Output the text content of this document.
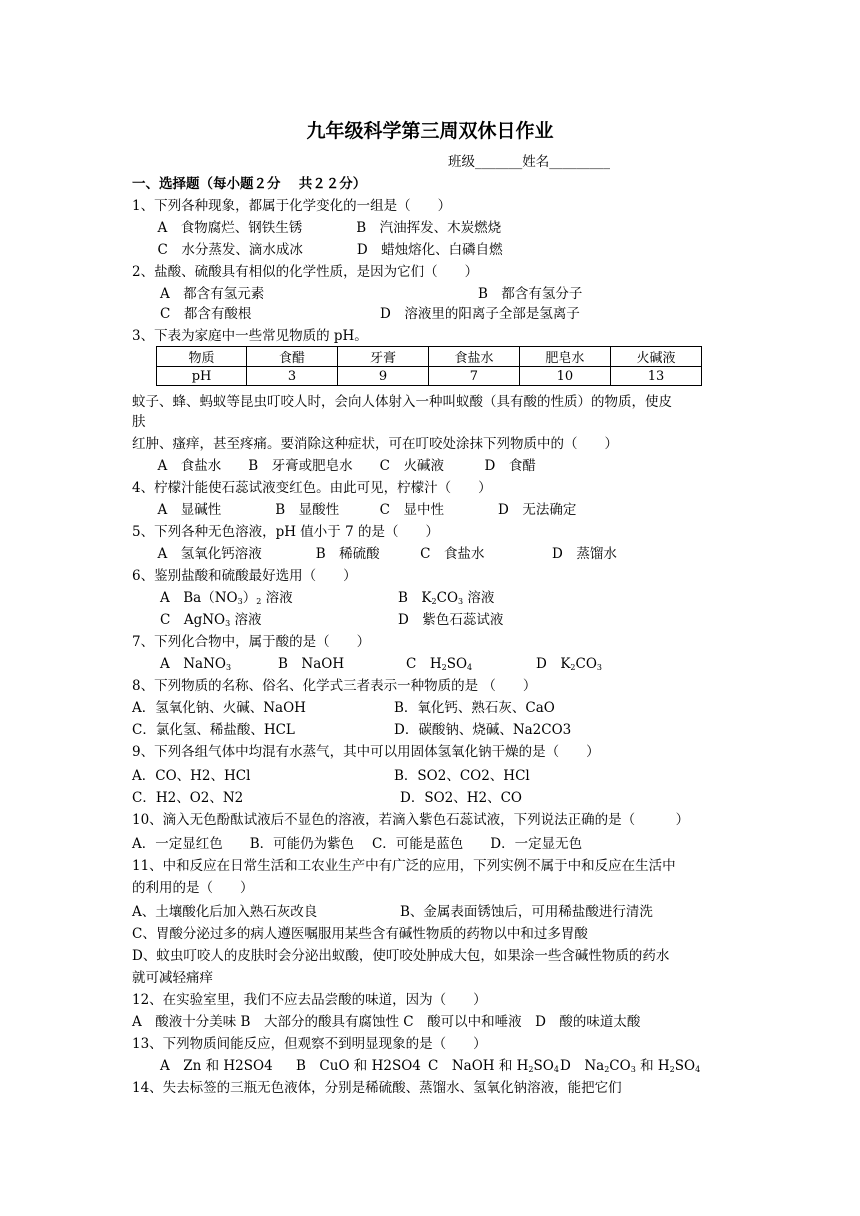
九年级科学第三周双休日作业
班级_______姓名_________
一、选择题（每小题２分　 共２２分）
1、下列各种现象，都属于化学变化的一组是（　　）
　A　食物腐烂、钢铁生锈　　　　B　汽油挥发、木炭燃烧
　C　水分蒸发、滴水成冰　　　　D　蜡烛熔化、白磷自燃
2、盐酸、硫酸具有相似的化学性质，是因为它们（　　）
A　都含有氢元素	B　都含有氢分子
C　都含有酸根	D　溶液里的阳离子全部是氢离子
3、下表为家庭中一些常见物质的 pH。
物质	食醋	牙膏	食盐水	肥皂水	火碱液
pH	3	9	7	10	13
蚊子、蜂、蚂蚁等昆虫叮咬人时，会向人体射入一种叫蚁酸（具有酸的性质）的物质，使皮
肤
红肿、瘙痒，甚至疼痛。要消除这种症状，可在叮咬处涂抹下列物质中的（　　）
　A　食盐水　　B　牙膏或肥皂水　　C　火碱液　　　D　食醋
4、柠檬汁能使石蕊试液变红色。由此可见，柠檬汁（　　）
　A　显碱性　　　　B　显酸性　　　C　显中性　　　　D　无法确定
5、下列各种无色溶液，pH 值小于 7 的是（　　）
　A　氢氧化钙溶液　　　　B　稀硫酸　　　C　食盐水　　　　　D　蒸馏水
6、鉴别盐酸和硫酸最好选用（　　）
A　$Ba(NO_3)_2$ 溶液	B　$K_2CO_3$ 溶液
C　AgNO$_3$ 溶液	D　紫色石蕊试液
7、下列化合物中，属于酸的是（　　）
A　NaNO$_3$	B　NaOH	C　$H_2SO_4$	D　$K_2CO_3$
8、下列物质的名称、俗名、化学式三者表示一种物质的是 （　　）
A．氢氧化钠、火碱、NaOH	B．氧化钙、熟石灰、CaO
C．氯化氢、稀盐酸、HCL	D．碳酸钠、烧碱、Na2CO3
9、下列各组气体中均混有水蒸气，其中可以用固体氢氧化钠干燥的是（　　）
A．CO、H2、HCl	B．SO2、CO2、HCl
C．H2、O2、N2	D．SO2、H2、CO
10、滴入无色酚酞试液后不显色的溶液，若滴入紫色石蕊试液，下列说法正确的是（　　　）
A．一定显红色　　B．可能仍为紫色　 C．可能是蓝色　　D．一定显无色
11、中和反应在日常生活和工农业生产中有广泛的应用，下列实例不属于中和反应在生活中
的利用的是（　　）
A、土壤酸化后加入熟石灰改良	B、金属表面锈蚀后，可用稀盐酸进行清洗
C、胃酸分泌过多的病人遵医嘱服用某些含有碱性物质的药物以中和过多胃酸
D、蚊虫叮咬人的皮肤时会分泌出蚁酸，使叮咬处肿成大包，如果涂一些含碱性物质的药水
就可减轻痛痒
12、在实验室里，我们不应去品尝酸的味道，因为（　　）
A　酸液十分美味 B　大部分的酸具有腐蚀性 C　酸可以中和唾液　D　酸的味道太酸
13、下列物质间能反应，但观察不到明显现象的是（　　）
A　Zn 和 H2SO4 B　CuO 和 H2SO4 C　NaOH 和 $H_2SO_4$ D　$Na_2CO_3$ 和 $H_2SO_4$
14、失去标签的三瓶无色液体，分别是稀硫酸、蒸馏水、氢氧化钠溶液，能把它们
